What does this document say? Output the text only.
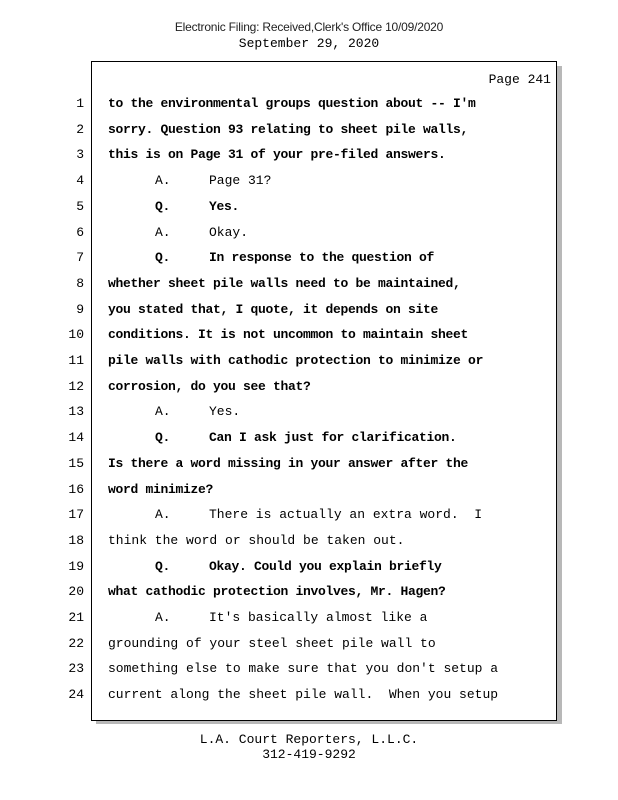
Electronic Filing: Received,Clerk's Office 10/09/2020
September 29, 2020
Page 241
1 to the environmental groups question about -- I'm
2 sorry. Question 93 relating to sheet pile walls,
3 this is on Page 31 of your pre-filed answers.
4	A.	Page 31?
5	Q.	Yes.
6	A.	Okay.
7	Q.	In response to the question of
8 whether sheet pile walls need to be maintained,
9 you stated that, I quote, it depends on site
10 conditions. It is not uncommon to maintain sheet
11 pile walls with cathodic protection to minimize or
12 corrosion, do you see that?
13	A.	Yes.
14	Q.	Can I ask just for clarification.
15 Is there a word missing in your answer after the
16 word minimize?
17	A.	There is actually an extra word.  I
18 think the word or should be taken out.
19	Q.	Okay. Could you explain briefly
20 what cathodic protection involves, Mr. Hagen?
21	A.	It's basically almost like a
22 grounding of your steel sheet pile wall to
23 something else to make sure that you don't setup a
24 current along the sheet pile wall.  When you setup
L.A. Court Reporters, L.L.C.
312-419-9292
